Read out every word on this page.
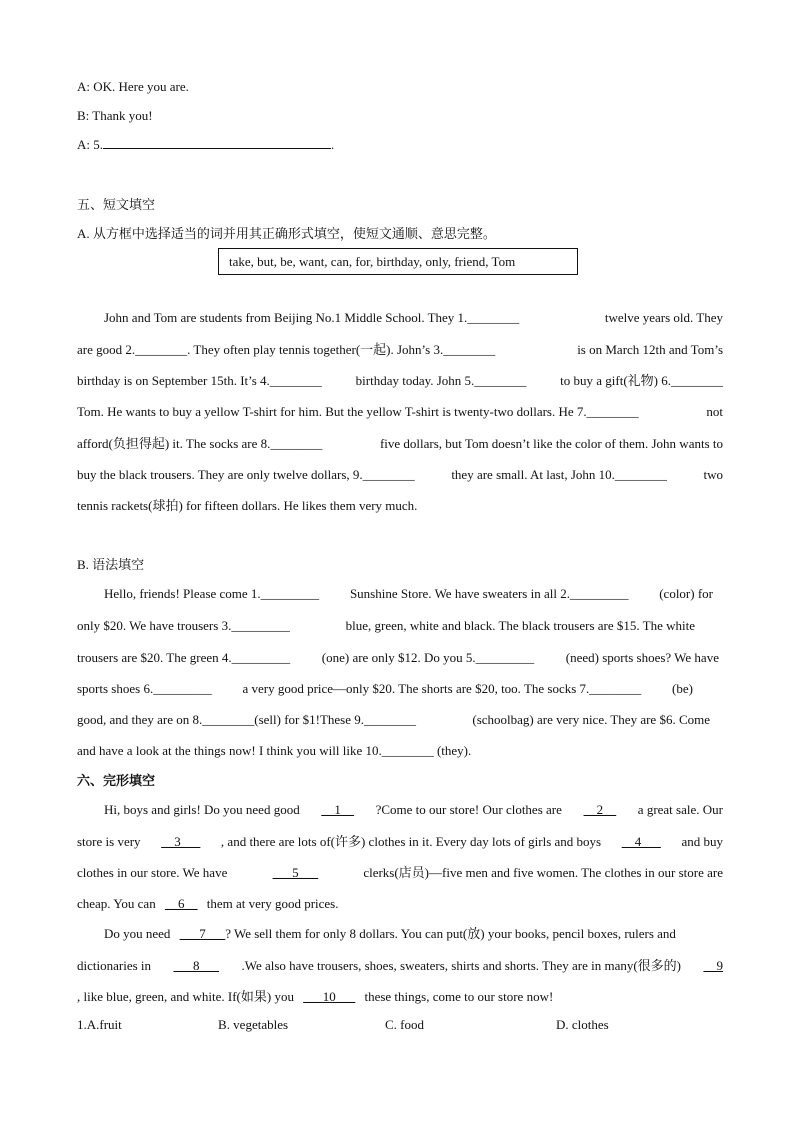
A: OK. Here you are.
B: Thank you!
A: 5.	.
五、短文填空
A. 从方框中选择适当的词并用其正确形式填空，使短文通顺、意思完整。
take, but, be, want, can, for, birthday, only, friend, Tom
John and Tom are students from Beijing No.1 Middle School. They 1.________	twelve years old. They
are good 2.________. They often play tennis together(一起). John’s 3.________	is on March 12th and Tom’s
birthday is on September 15th. It’s 4.________	birthday today. John 5.________	to buy a gift(礼物) 6.________
Tom. He wants to buy a yellow T-shirt for him. But the yellow T-shirt is twenty-two dollars. He 7.________	not
afford(负担得起) it. The socks are 8.________	five dollars, but Tom doesn’t like the color of them. John wants to
buy the black trousers. They are only twelve dollars, 9.________	they are small. At last, John 10.________	two
tennis rackets(球拍) for fifteen dollars. He likes them very much.
B. 语法填空
Hello, friends! Please come 1._________ Sunshine Store. We have sweaters in all 2._________ (color) for
only $20. We have trousers 3._________	blue, green, white and black. The black trousers are $15. The white
trousers are $20. The green 4._________ (one) are only $12. Do you 5._________ (need) sports shoes? We have
sports shoes 6._________ a very good price—only $20. The shorts are $20, too. The socks 7.________ (be)
good, and they are on 8.________(sell) for $1!These 9.________	(schoolbag) are very nice. They are $6. Come
and have a look at the things now! I think you will like 10.________ (they).
六、完形填空
Hi, boys and girls! Do you need good __1__ ?Come to our store! Our clothes are __2__ a great sale. Our
store is very __3___ , and there are lots of(许多) clothes in it. Every day lots of girls and boys __4___ and buy
clothes in our store. We have	___5___	clerks(店员)—five men and five women. The clothes in our store are
cheap. You can __6__ them at very good prices.
Do you need ___7___? We sell them for only 8 dollars. You can put(放) your books, pencil boxes, rulers and
dictionaries in ___8___ .We also have trousers, shoes, sweaters, shirts and shorts. They are in many(很多的) __9
, like blue, green, and white. If(如果) you ___10___ these things, come to our store now!
1.A.fruit	B. vegetables	C. food	D. clothes
